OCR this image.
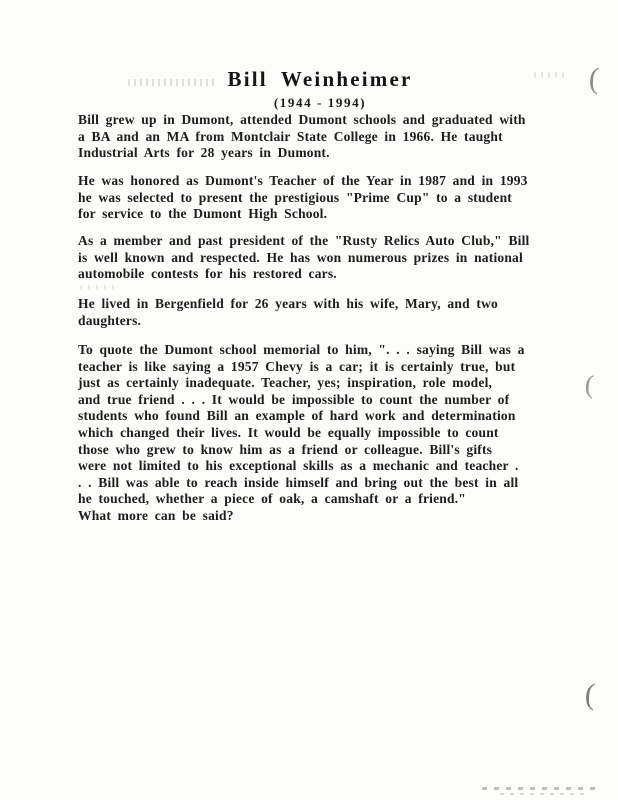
Bill Weinheimer
(1944 - 1994)
Bill grew up in Dumont, attended Dumont schools and graduated with
a BA and an MA from Montclair State College in 1966. He taught
Industrial Arts for 28 years in Dumont.
He was honored as Dumont's Teacher of the Year in 1987 and in 1993
he was selected to present the prestigious "Prime Cup" to a student
for service to the Dumont High School.
As a member and past president of the "Rusty Relics Auto Club," Bill
is well known and respected. He has won numerous prizes in national
automobile contests for his restored cars.
He lived in Bergenfield for 26 years with his wife, Mary, and two
daughters.
To quote the Dumont school memorial to him, ". . . saying Bill was a
teacher is like saying a 1957 Chevy is a car; it is certainly true, but
just as certainly inadequate. Teacher, yes; inspiration, role model,
and true friend . . . It would be impossible to count the number of
students who found Bill an example of hard work and determination
which changed their lives. It would be equally impossible to count
those who grew to know him as a friend or colleague. Bill's gifts
were not limited to his exceptional skills as a mechanic and teacher .
. . Bill was able to reach inside himself and bring out the best in all
he touched, whether a piece of oak, a camshaft or a friend."
What more can be said?
(
(
(
